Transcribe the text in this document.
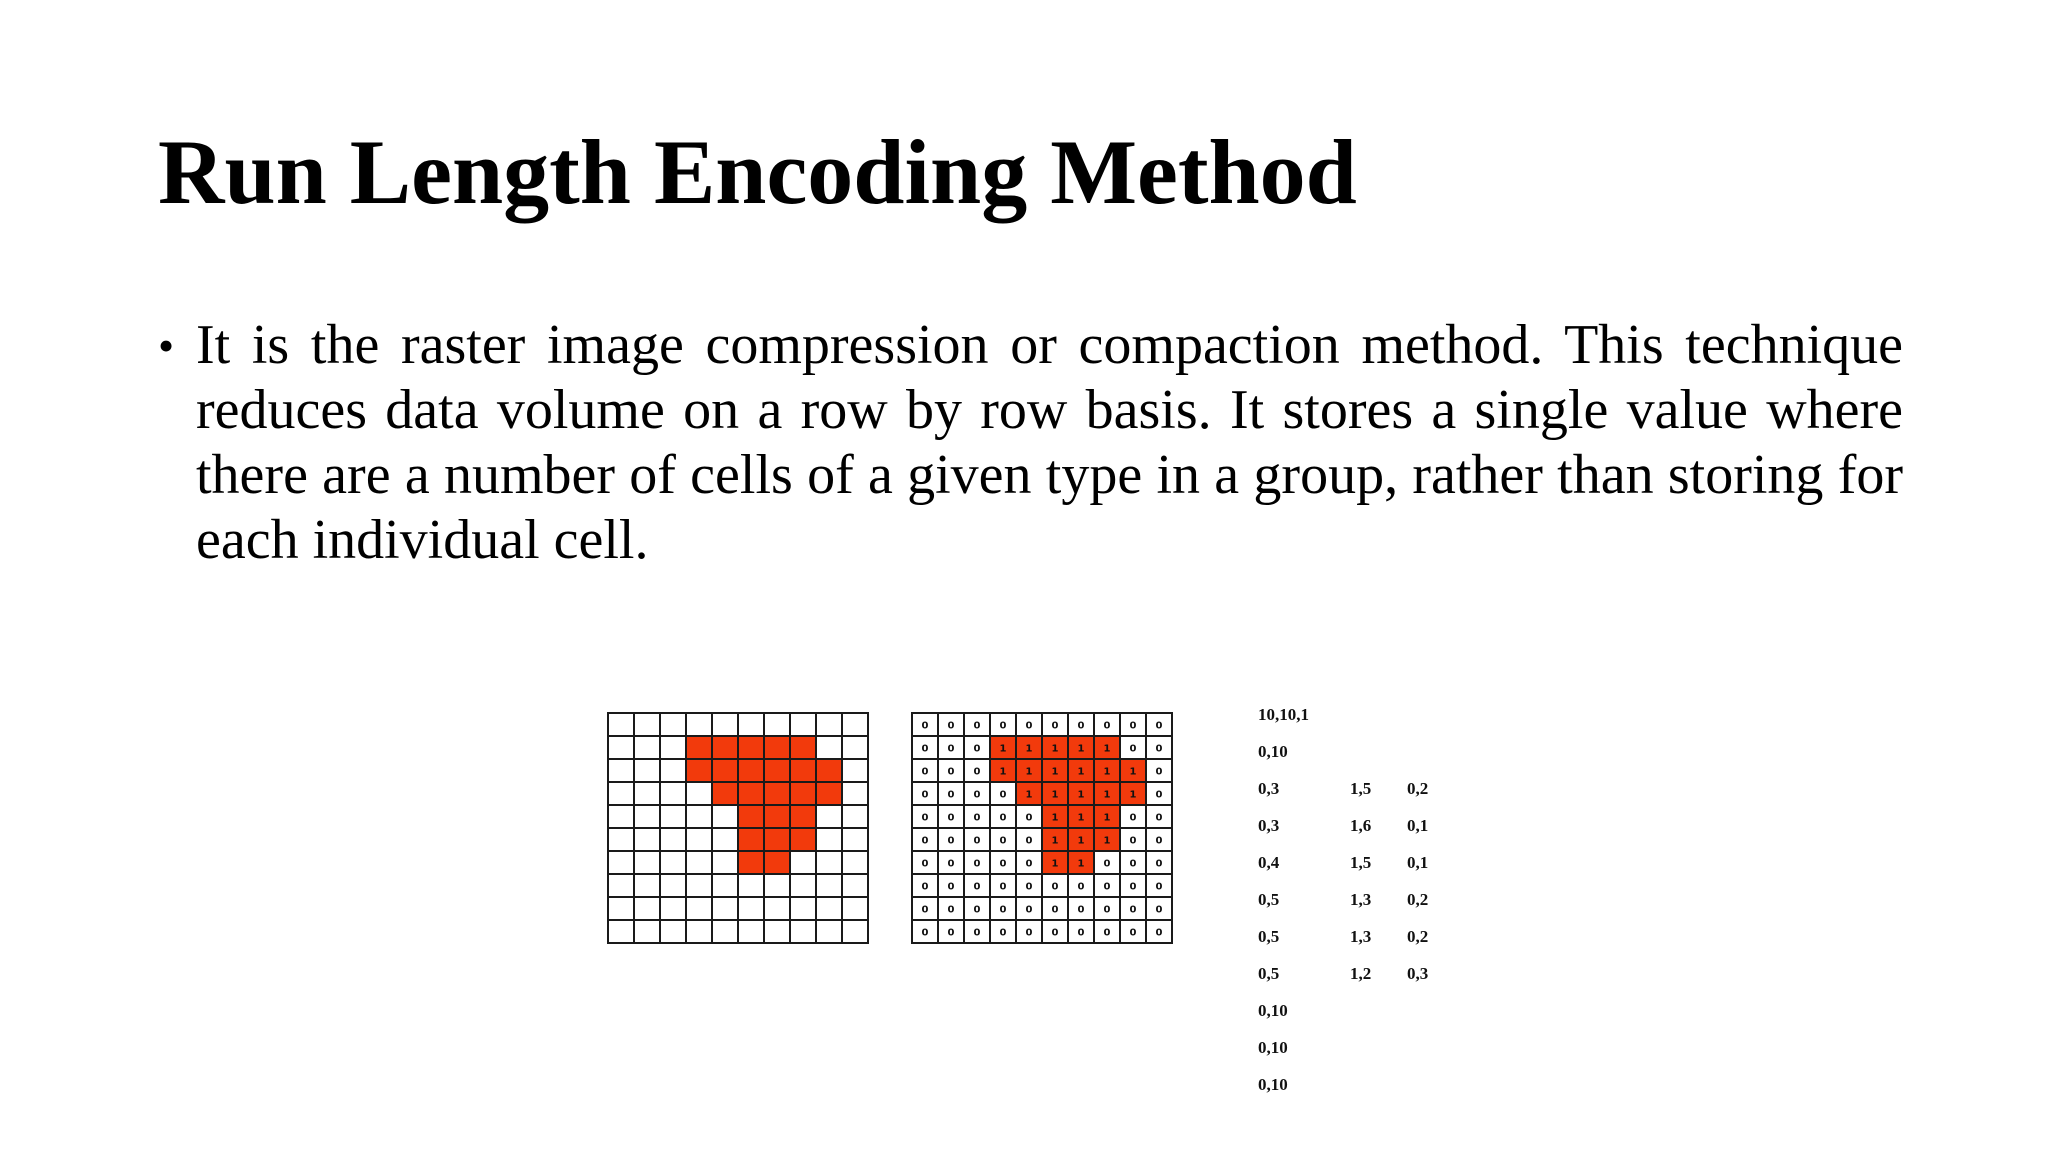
Run Length Encoding Method
• It is the raster image compression or compaction method. This technique reduces data volume on a row by row basis. It stores a single value where there are a number of cells of a given type in a group, rather than storing for each individual cell.
0 0 0 0 0 0 0 0 0 0
0 0 0 1 1 1 1 1 0 0
0 0 0 1 1 1 1 1 1 0
0 0 0 0 1 1 1 1 1 0
0 0 0 0 0 1 1 1 0 0
0 0 0 0 0 1 1 1 0 0
0 0 0 0 0 1 1 0 0 0
0 0 0 0 0 0 0 0 0 0
0 0 0 0 0 0 0 0 0 0
0 0 0 0 0 0 0 0 0 0
10,10,1
0,10
0,3	1,5 0,2
0,3	1,6 0,1
0,4	1,5 0,1
0,5	1,3 0,2
0,5	1,3 0,2
0,5	1,2 0,3
0,10
0,10
0,10
